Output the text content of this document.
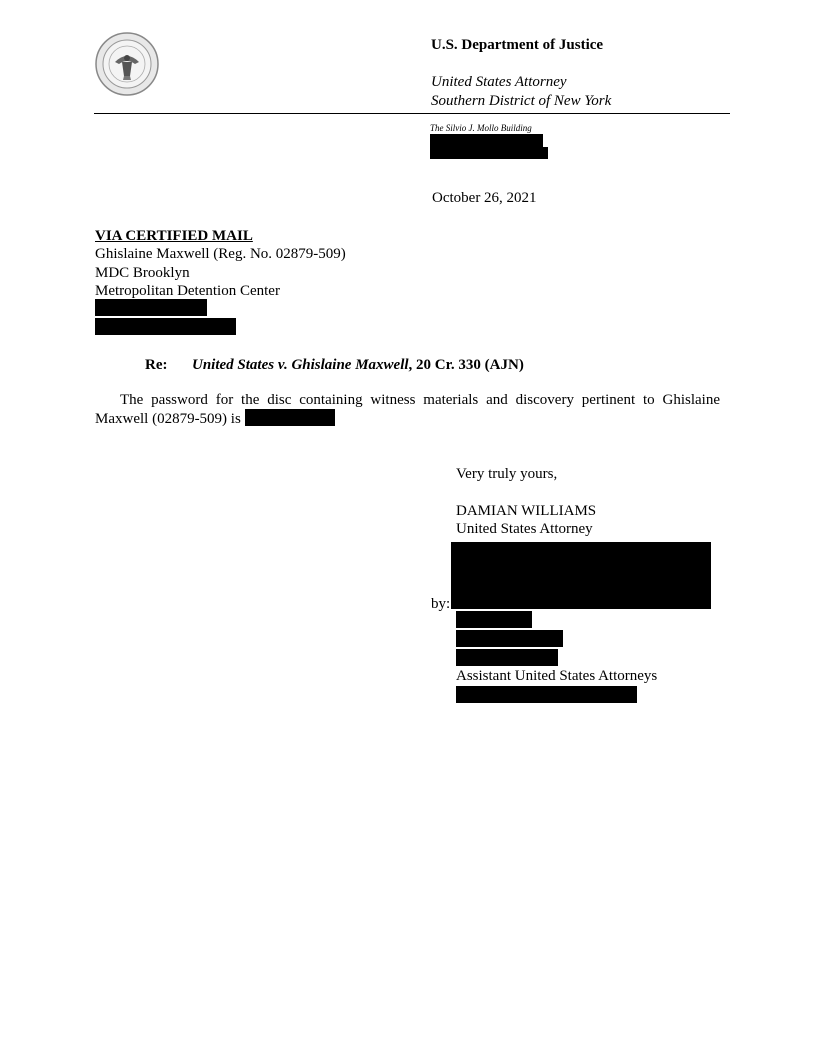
U.S. Department of Justice
United States Attorney
Southern District of New York
The Silvio J. Mollo Building
October 26, 2021
VIA CERTIFIED MAIL
Ghislaine Maxwell (Reg. No. 02879-509)
MDC Brooklyn
Metropolitan Detention Center
Re: United States v. Ghislaine Maxwell, 20 Cr. 330 (AJN)
The password for the disc containing witness materials and discovery pertinent to Ghislaine Maxwell (02879-509) is
Very truly yours,
DAMIAN WILLIAMS
United States Attorney
by:
Assistant United States Attorneys
